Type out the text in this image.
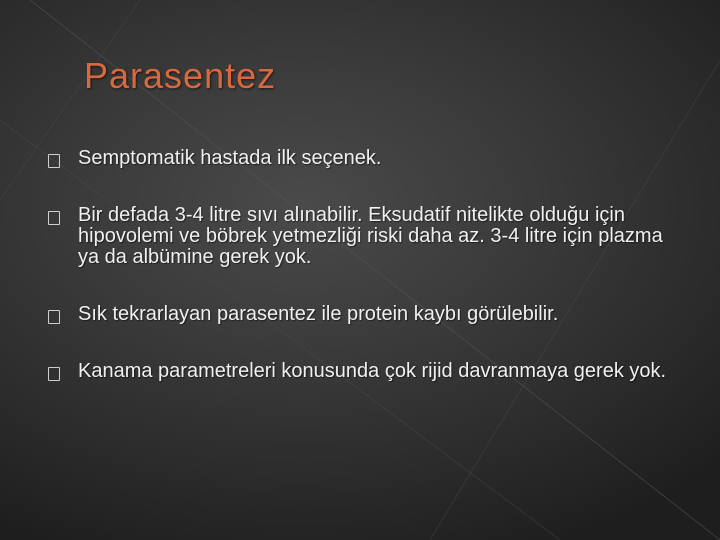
Parasentez
Semptomatik hastada ilk seçenek.
Bir defada 3-4 litre sıvı alınabilir. Eksudatif nitelikte olduğu için hipovolemi ve böbrek yetmezliği riski daha az. 3-4 litre için plazma ya da albümine gerek yok.
Sık tekrarlayan parasentez ile protein kaybı görülebilir.
Kanama parametreleri konusunda çok rijid davranmaya gerek yok.
